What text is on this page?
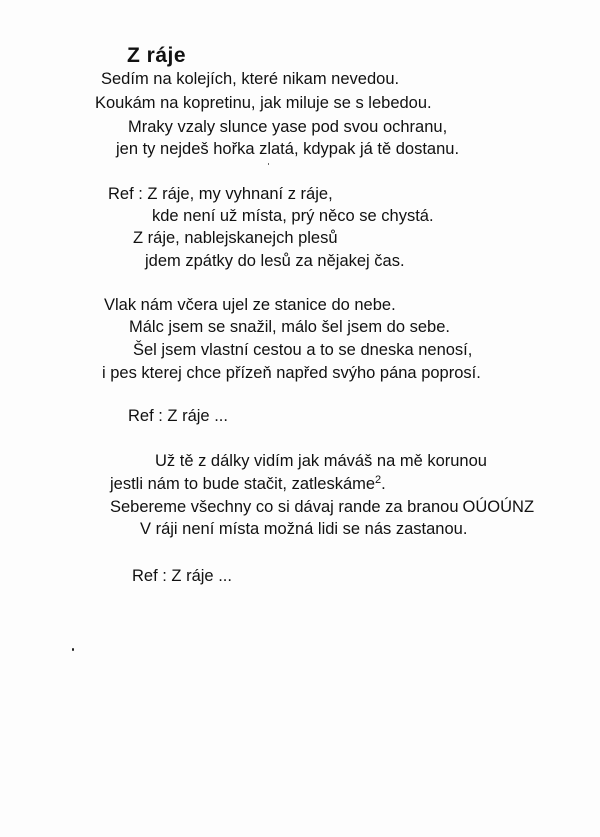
Z ráje
Sedím na kolejích, které nikam nevedou.
Koukám na kopretinu, jak miluje se s lebedou.
Mraky vzaly slunce yase pod svou ochranu,
jen ty nejdeš hořka zlatá, kdypak já tě dostanu.
Ref : Z ráje, my vyhnaní z ráje,
kde není už místa, prý něco se chystá.
Z ráje, nablejskanejch plesů
jdem zpátky do lesů za nějakej čas.
Vlak nám včera ujel ze stanice do nebe.
Málc jsem se snažil, málo šel jsem do sebe.
Šel jsem vlastní cestou a to se dneska nenosí,
i pes kterej chce přízeň napřed svýho pána poprosí.
Ref : Z ráje ...
Už tě z dálky vidím jak máváš na mě korunou
jestli nám to bude stačit, zatleskáme$^2$.
Sebereme všechny co si dávaj rande za branou OÚOÚNZ
V ráji není místa možná lidi se nás zastanou.
Ref : Z ráje ...
